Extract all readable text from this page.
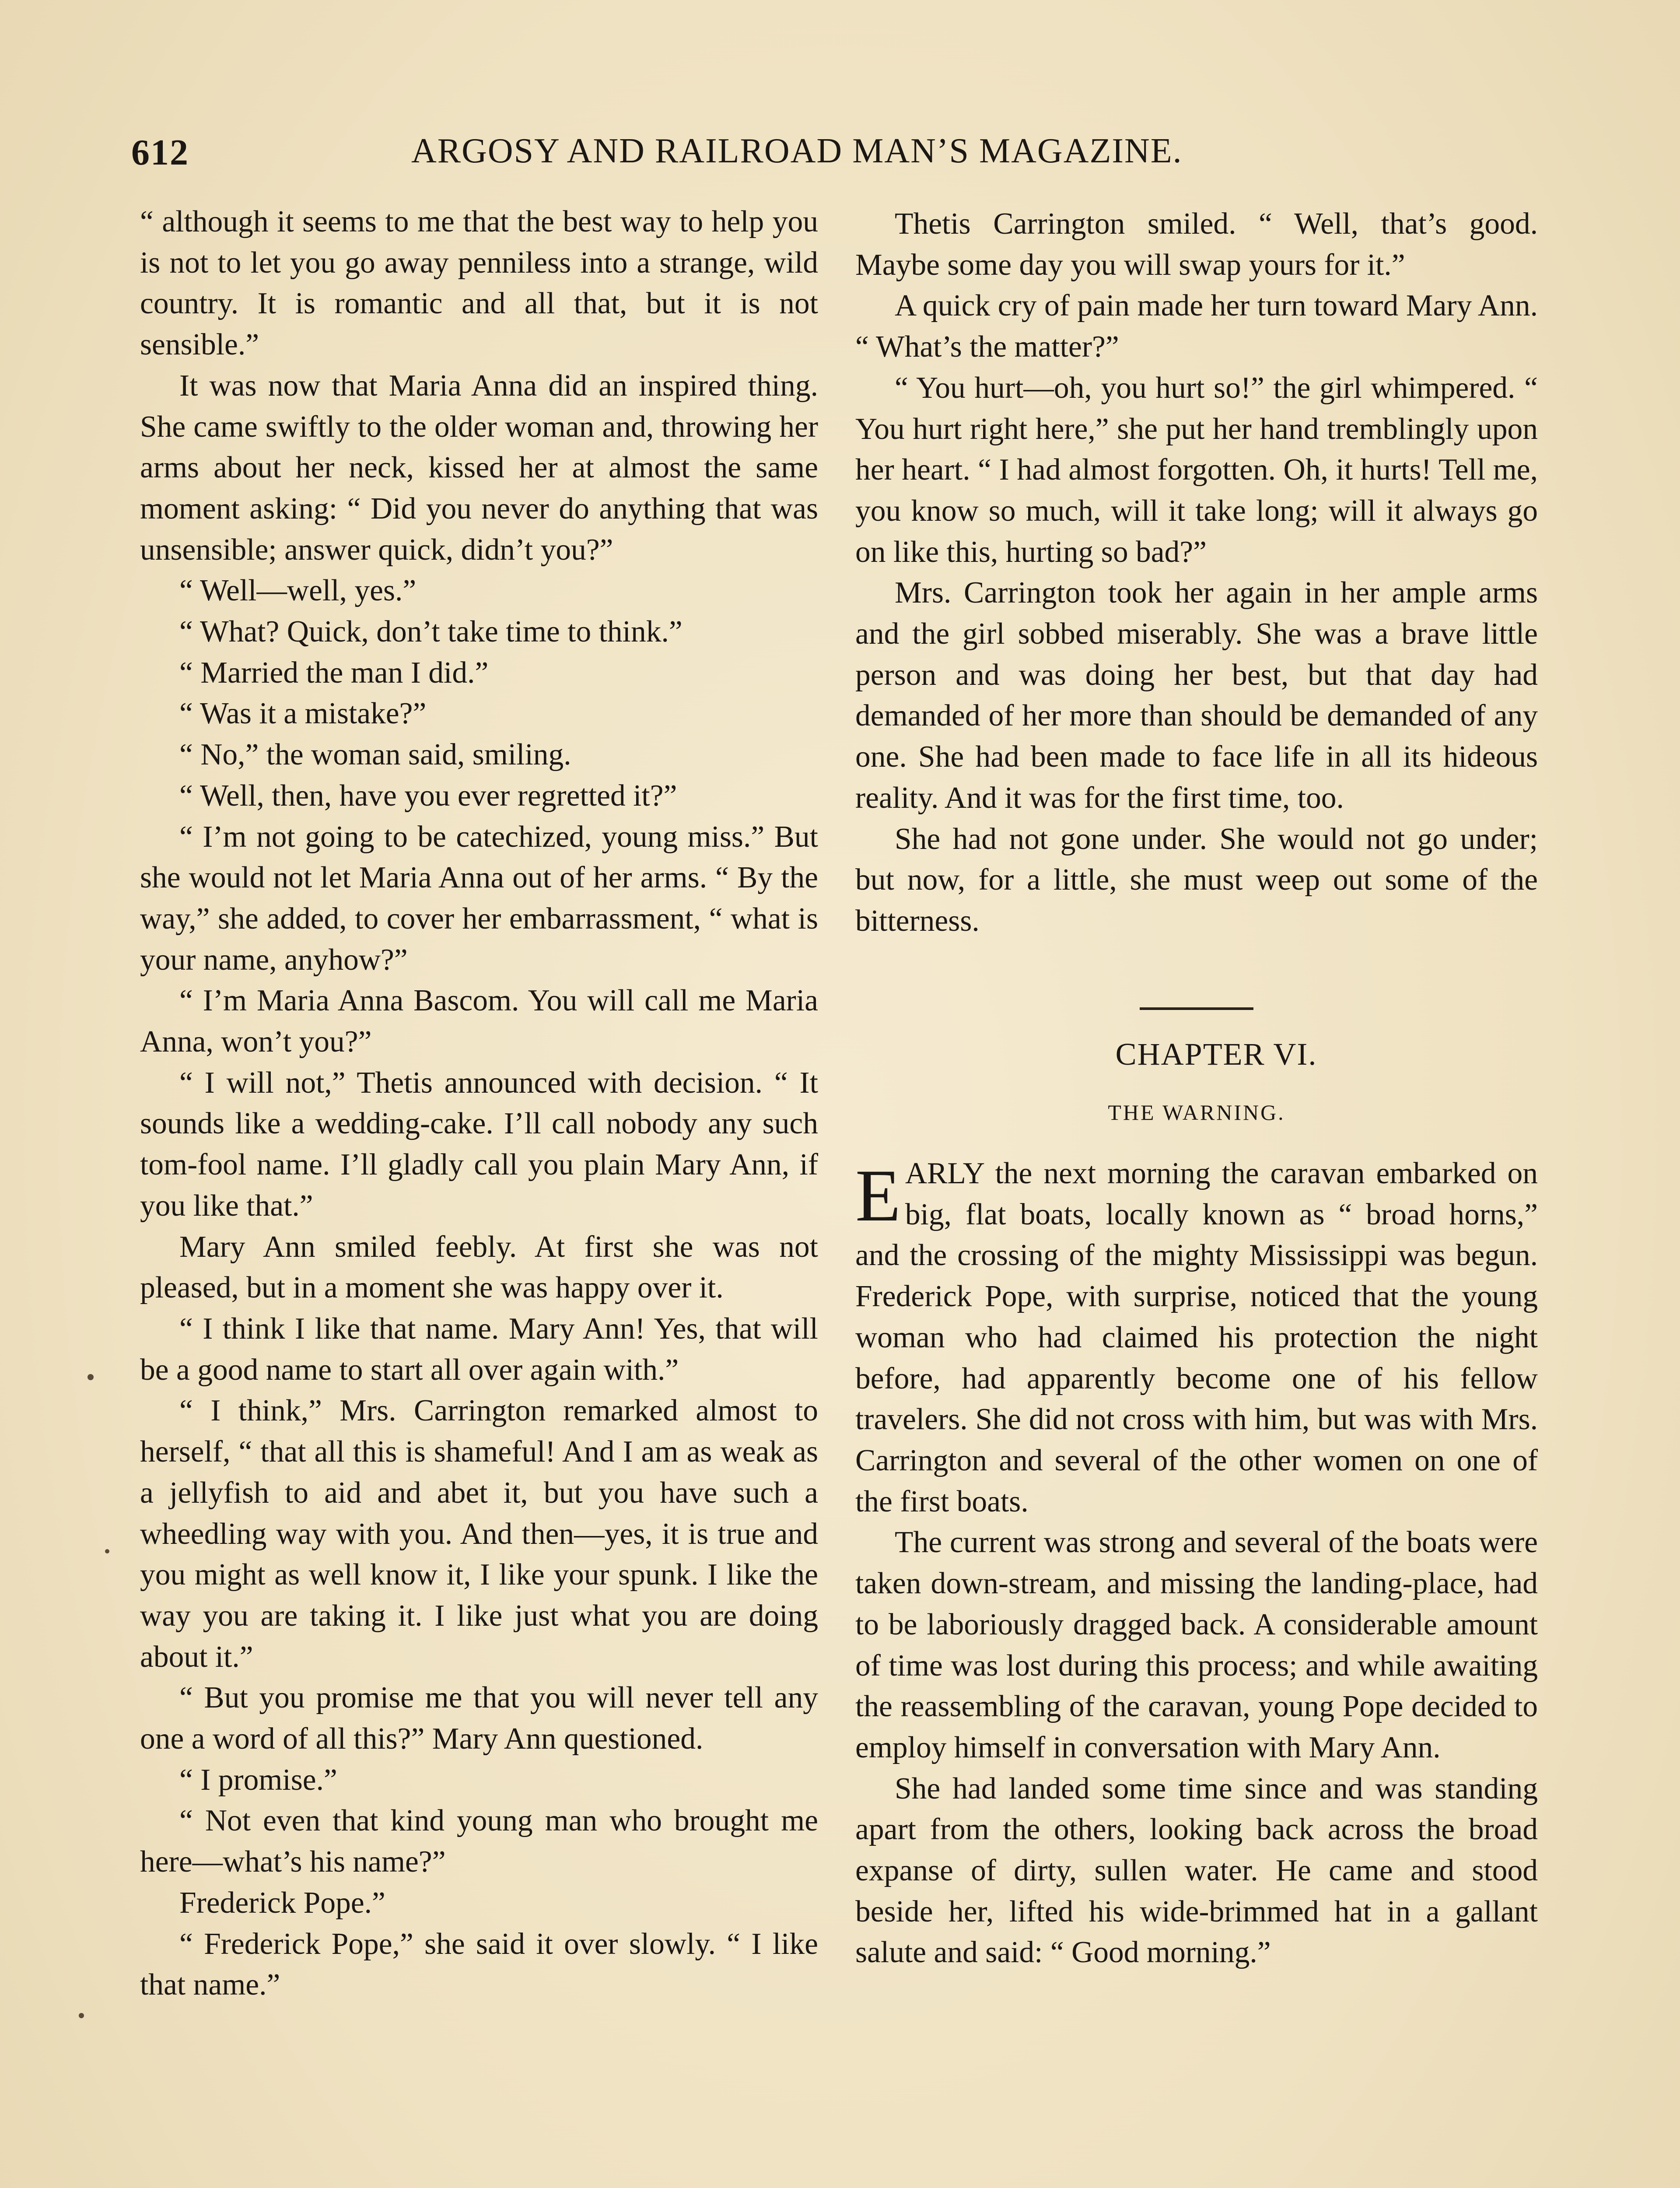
612	ARGOSY AND RAILROAD MAN’S MAGAZINE.

“ although it seems to me that the best way to help you is not to let you go away penniless into a strange, wild country. It is romantic and all that, but it is not sensible.”

It was now that Maria Anna did an inspired thing. She came swiftly to the older woman and, throwing her arms about her neck, kissed her at almost the same moment asking: “ Did you never do anything that was unsensible; answer quick, didn’t you?”

“ Well—well, yes.”

“ What? Quick, don’t take time to think.”

“ Married the man I did.”

“ Was it a mistake?”

“ No,” the woman said, smiling.

“ Well, then, have you ever regretted it?”

“ I’m not going to be catechized, young miss.” But she would not let Maria Anna out of her arms. “ By the way,” she added, to cover her embarrassment, “ what is your name, anyhow?”

“ I’m Maria Anna Bascom. You will call me Maria Anna, won’t you?”

“ I will not,” Thetis announced with decision. “ It sounds like a wedding-cake. I’ll call nobody any such tom-fool name. I’ll gladly call you plain Mary Ann, if you like that.”

Mary Ann smiled feebly. At first she was not pleased, but in a moment she was happy over it.

“ I think I like that name. Mary Ann! Yes, that will be a good name to start all over again with.”

“ I think,” Mrs. Carrington remarked almost to herself, “ that all this is shameful! And I am as weak as a jellyfish to aid and abet it, but you have such a wheedling way with you. And then—yes, it is true and you might as well know it, I like your spunk. I like the way you are taking it. I like just what you are doing about it.”

“ But you promise me that you will never tell any one a word of all this?” Mary Ann questioned.

“ I promise.”

“ Not even that kind young man who brought me here—what’s his name?”

Frederick Pope.”

“ Frederick Pope,” she said it over slowly. “ I like that name.”

Thetis Carrington smiled. “ Well, that’s good. Maybe some day you will swap yours for it.”

A quick cry of pain made her turn toward Mary Ann. “ What’s the matter?”

“ You hurt—oh, you hurt so!” the girl whimpered. “ You hurt right here,” she put her hand tremblingly upon her heart. “ I had almost forgotten. Oh, it hurts! Tell me, you know so much, will it take long; will it always go on like this, hurting so bad?”

Mrs. Carrington took her again in her ample arms and the girl sobbed miserably. She was a brave little person and was doing her best, but that day had demanded of her more than should be demanded of any one. She had been made to face life in all its hideous reality. And it was for the first time, too.

She had not gone under. She would not go under; but now, for a little, she must weep out some of the bitterness.

CHAPTER VI.

THE WARNING.

EARLY the next morning the caravan embarked on big, flat boats, locally known as “ broad horns,” and the crossing of the mighty Mississippi was begun. Frederick Pope, with surprise, noticed that the young woman who had claimed his protection the night before, had apparently become one of his fellow travelers. She did not cross with him, but was with Mrs. Carrington and several of the other women on one of the first boats.

The current was strong and several of the boats were taken down-stream, and missing the landing-place, had to be laboriously dragged back. A considerable amount of time was lost during this process; and while awaiting the reassembling of the caravan, young Pope decided to employ himself in conversation with Mary Ann.

She had landed some time since and was standing apart from the others, looking back across the broad expanse of dirty, sullen water. He came and stood beside her, lifted his wide-brimmed hat in a gallant salute and said: “ Good morning.”
